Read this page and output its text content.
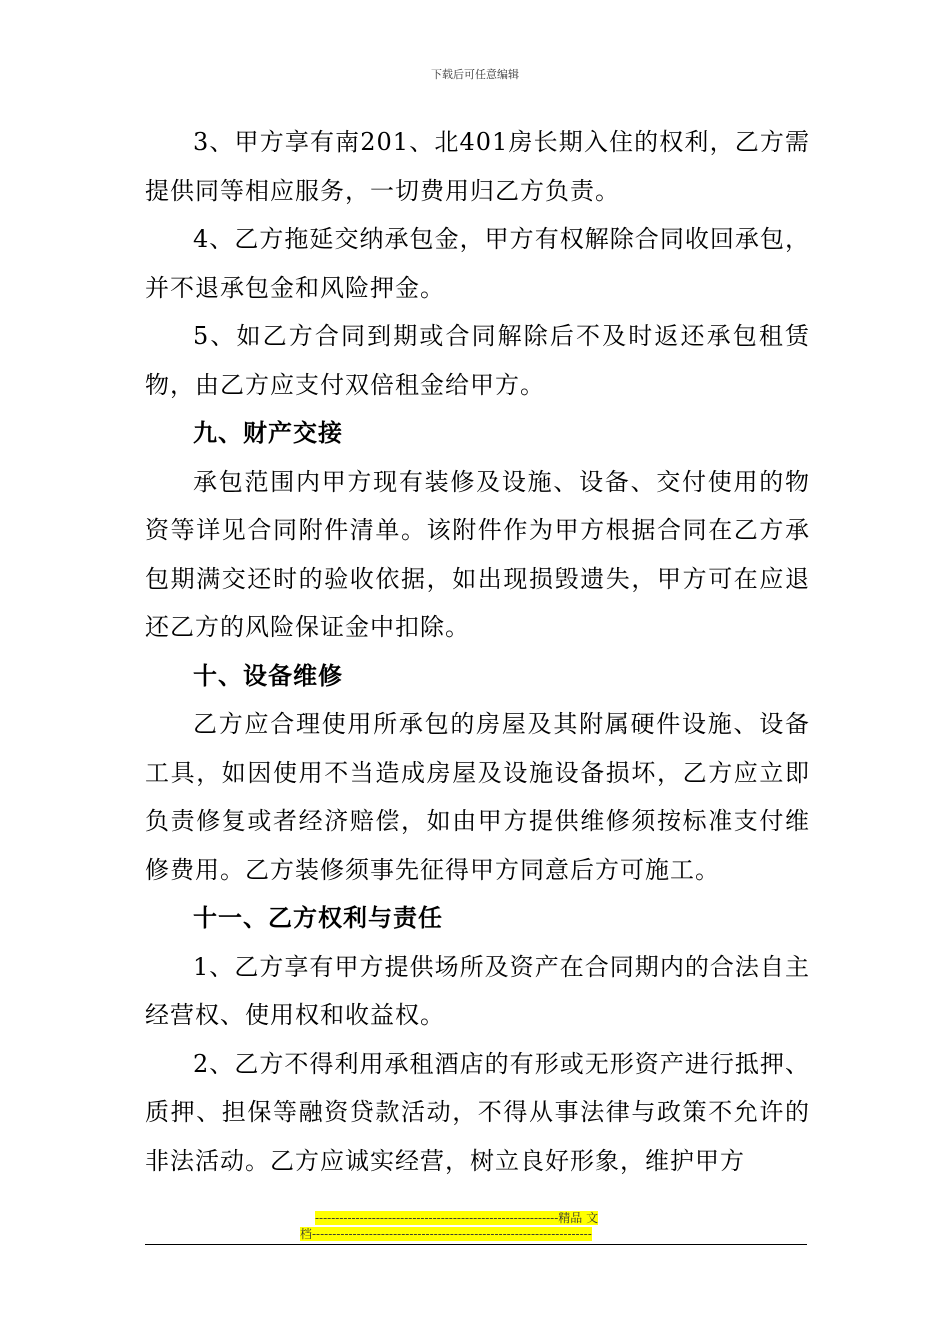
下载后可任意编辑

3、甲方享有南201、北401房长期入住的权利，乙方需提供同等相应服务，一切费用归乙方负责。

4、乙方拖延交纳承包金，甲方有权解除合同收回承包，并不退承包金和风险押金。

5、如乙方合同到期或合同解除后不及时返还承包租赁物，由乙方应支付双倍租金给甲方。

九、财产交接

承包范围内甲方现有装修及设施、设备、交付使用的物资等详见合同附件清单。该附件作为甲方根据合同在乙方承包期满交还时的验收依据，如出现损毁遗失，甲方可在应退还乙方的风险保证金中扣除。

十、设备维修

乙方应合理使用所承包的房屋及其附属硬件设施、设备工具，如因使用不当造成房屋及设施设备损坏，乙方应立即负责修复或者经济赔偿，如由甲方提供维修须按标准支付维修费用。乙方装修须事先征得甲方同意后方可施工。

十一、乙方权利与责任

1、乙方享有甲方提供场所及资产在合同期内的合法自主经营权、使用权和收益权。

2、乙方不得利用承租酒店的有形或无形资产进行抵押、质押、担保等融资贷款活动，不得从事法律与政策不允许的非法活动。乙方应诚实经营，树立良好形象，维护甲方

------------------------------------------------------------精品 文
档---------------------------------------------------------------------
